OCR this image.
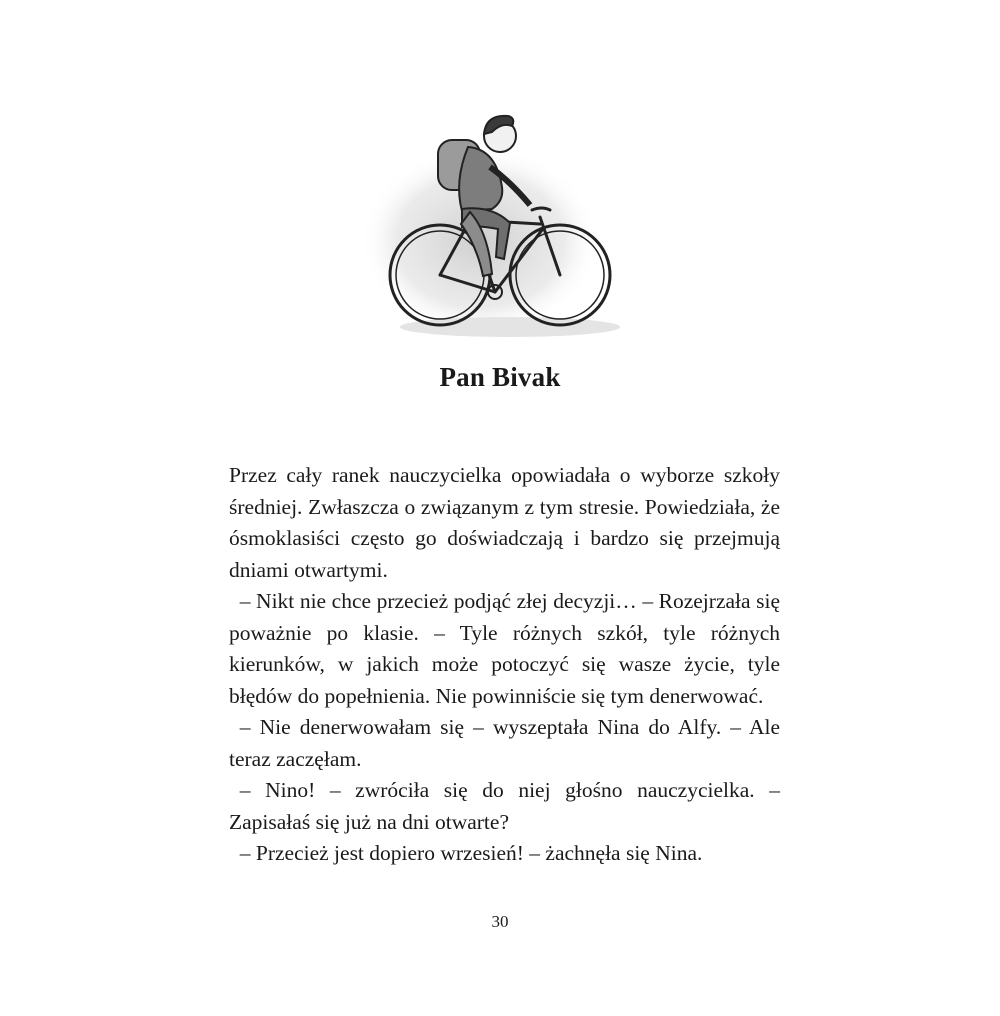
Pan Bivak

Przez cały ranek nauczycielka opowiadała o wyborze szkoły średniej. Zwłaszcza o związanym z tym stresie. Powiedziała, że ósmoklasiści często go doświadczają i bardzo się przejmują dniami otwartymi.

– Nikt nie chce przecież podjąć złej decyzji… – Rozejrzała się poważnie po klasie. – Tyle różnych szkół, tyle różnych kierunków, w jakich może potoczyć się wasze życie, tyle błędów do popełnienia. Nie powinniście się tym denerwować.

– Nie denerwowałam się – wyszeptała Nina do Alfy. – Ale teraz zaczęłam.

– Nino! – zwróciła się do niej głośno nauczycielka. – Zapisałaś się już na dni otwarte?

– Przecież jest dopiero wrzesień! – żachnęła się Nina.

30
